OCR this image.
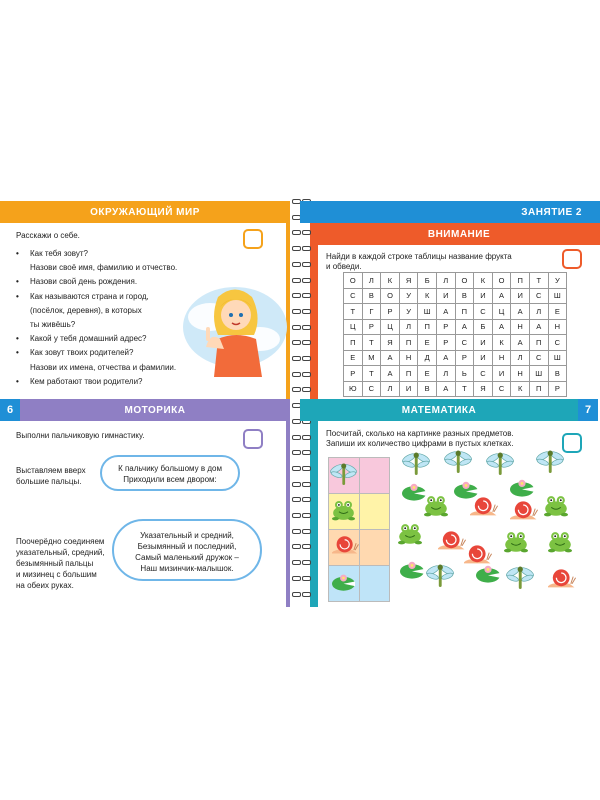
ОКРУЖАЮЩИЙ МИР
Расскажи о себе.
• Как тебя зовут?
Назови своё имя, фамилию и отчество.
• Назови свой день рождения.
• Как называются страна и город,
(посёлок, деревня), в которых
ты живёшь?
• Какой у тебя домашний адрес?
• Как зовут твоих родителей?
Назови их имена, отчества и фамилии.
• Кем работают твои родители?
ЗАНЯТИЕ 2
ВНИМАНИЕ
Найди в каждой строке таблицы название фрукта
и обведи.
О	Л	К	Я	Б	Л	О	К	О	П	Т	У
С	В	О	У	К	И	В	И	А	И	С	Ш
Т	Г	Р	У	Ш	А	П	С	Ц	А	Л	Е
Ц	Р	Ц	Л	П	Р	А	Б	А	Н	А	Н
П	Т	Я	П	Е	Р	С	И	К	А	П	С
Е	М	А	Н	Д	А	Р	И	Н	Л	С	Ш
Р	Т	А	П	Е	Л	Ь	С	И	Н	Ш	В
Ю	С	Л	И	В	А	Т	Я	С	К	П	Р
6	7
МОТОРИКА
Выполни пальчиковую гимнастику.
Выставляем вверх
большие пальцы.
К пальчику большому в дом
Приходили всем двором:
Поочерёдно соединяем
указательный, средний,
безымянный пальцы
и мизинец с большим
на обеих руках.
Указательный и средний,
Безымянный и последний,
Самый маленький дружок –
Наш мизинчик-малышок.
МАТЕМАТИКА
Посчитай, сколько на картинке разных предметов.
Запиши их количество цифрами в пустых клетках.
